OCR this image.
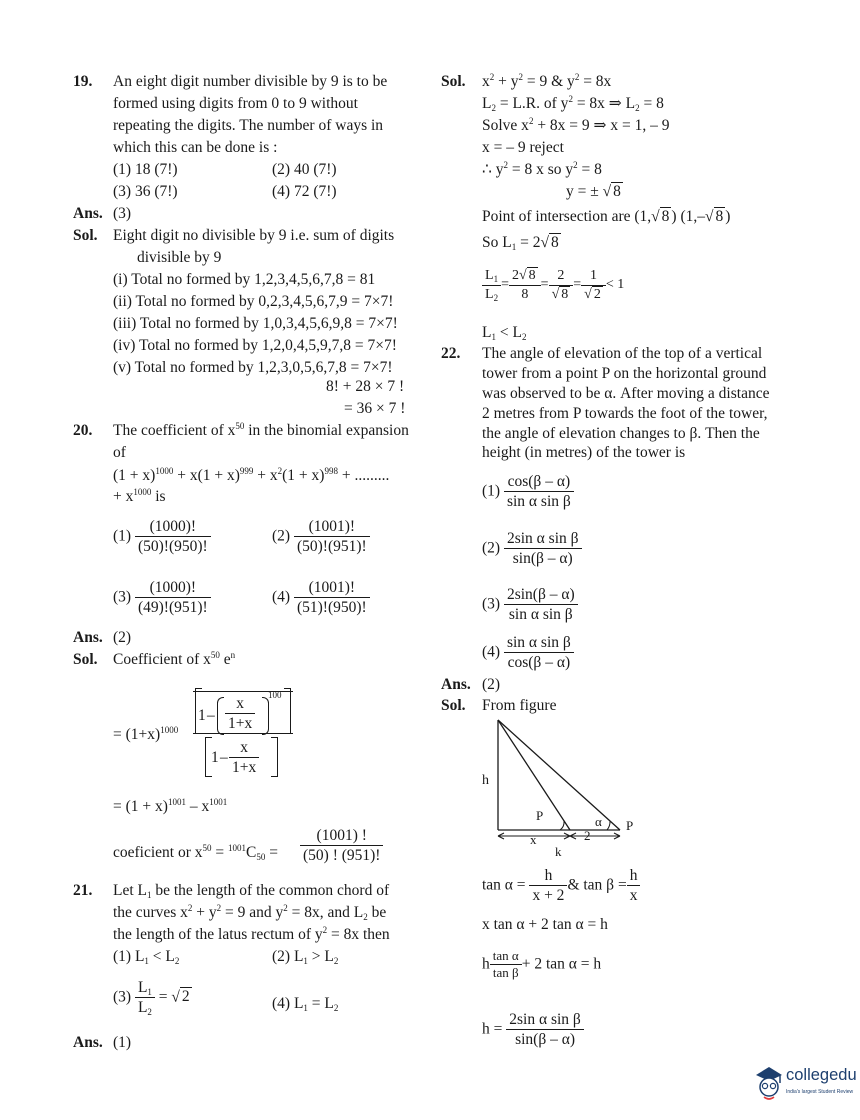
19. An eight digit number divisible by 9 is to be
formed using digits from 0 to 9 without
repeating the digits. The number of ways in
which this can be done is :
(1) 18 (7!)	(2) 40 (7!)
(3) 36 (7!)	(4) 72 (7!)
Ans. (3)
Sol. Eight digit no divisible by 9 i.e. sum of digits
divisible by 9
(i) Total no formed by 1,2,3,4,5,6,7,8 = 81
(ii) Total no formed by 0,2,3,4,5,6,7,9 = 7×7!
(iii) Total no formed by 1,0,3,4,5,6,9,8 = 7×7!
(iv) Total no formed by 1,2,0,4,5,9,7,8 = 7×7!
(v) Total no formed by 1,2,3,0,5,6,7,8 = 7×7!
8! + 28 × 7 !
= 36 × 7 !
20. The coefficient of $x^{50}$ in the binomial expansion
of
$(1 + x)^{1000} + x(1 + x)^{999} + x^2(1 + x)^{998}$ + .........
+ $x^{1000}$ is
$(1) \frac{(1000)!}{(50)!(950)!}$	$(2) \frac{(1001)!}{(50)!(951)!}$
$(3) \frac{(1000)!}{(49)!(951)!}$	$(4) \frac{(1001)!}{(51)!(950)!}$
Ans. (2)
Sol. Coefficient of $x^{50}$ $e^n$
= $(1+x)^{1000}$
$1 - \frac{x}{1+x} 100$
$1 - \frac{x}{1+x}$
= $(1 + x)^{1001} - x^{1001}$
coeficient or $x^{50} = ^{1001}C_{50} = \frac{(1001) !}{(50) ! (951)!}$
21. Let $L_1$ be the length of the common chord of
the curves $x^2 + y^2 = 9$ and $y^2 = 8x$, and $L_2$ be
the length of the latus rectum of $y^2 = 8x$ then
(1) $L_1 < L_2$	(2) $L_1 > L_2$
$(3) \frac{L_1}{L_2}$ = √ 2	(4) $L_1 = L_2$
Ans. (1)
Sol. $x^2 + y^2 = 9$ & $y^2 = 8x$
$L_2 = L.R$. of $y^2 = 8x$ ⇒ $L_2 = 8$
Solve $x^2 + 8x = 9$ ⇒ x = 1, – 9
x = – 9 reject
∴ $y^2 = 8$ x so $y^2 = 8$
y = ± √ 8
Point of intersection are (1,√ 8 ) (1,–√ 8 )
So $L_1 = 2√$ 8
$\frac{L_1}{L_2} = \frac{2√ 8}{8} = \frac{2}{√ 8} = \frac{1}{√ 2} < 1$
$L_1 < L_2$
22. The angle of elevation of the top of a vertical
tower from a point P on the horizontal ground
was observed to be α. After moving a distance
2 metres from P towards the foot of the tower,
the angle of elevation changes to β. Then the
height (in metres) of the tower is
$(1) \frac{\cos(\beta - \alpha)}{\text{sin α sin β}}$
$(2) \frac{\text{2sin α sin β}}{\sin(\beta - \alpha)}$
$(3) \frac{2\sin(\beta - \alpha)}{\text{sin α sin β}}$
$(4) \frac{\text{sin α sin β}}{\cos(\beta - \alpha)}$
Ans. (2)
Sol. From figure
h
P	α P
x	2
k
$\tan \alpha = \frac{h}{x + 2}$ & $\tan \beta = \frac{h}{x}$
x tan α + 2 tan α = h
h $\frac{\text{tan α}}{\text{tan β}} + 2$ tan α = h
$h = \frac{\text{2sin α sin β}}{\sin(\beta - \alpha)}$
collegedu
India's largest Student Review
